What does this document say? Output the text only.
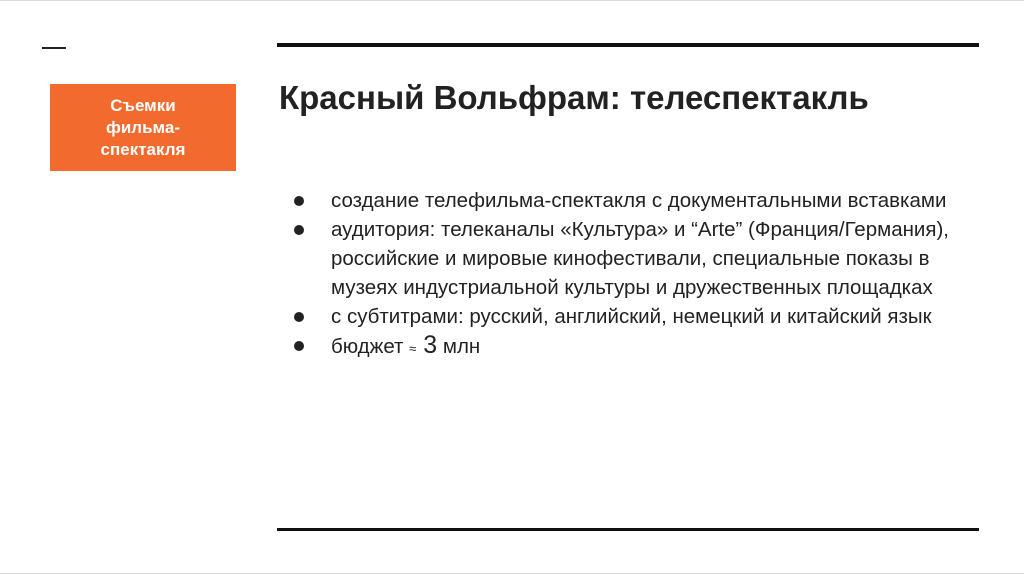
Съемки фильма-спектакля
Красный Вольфрам: телеспектакль
создание телефильма-спектакля с документальными вставками
аудитория: телеканалы «Культура» и “Arte” (Франция/Германия), российские и мировые кинофестивали, специальные показы в музеях индустриальной культуры и дружественных площадках
с субтитрами: русский, английский, немецкий и китайский язык
бюджет ≈ 3 млн
